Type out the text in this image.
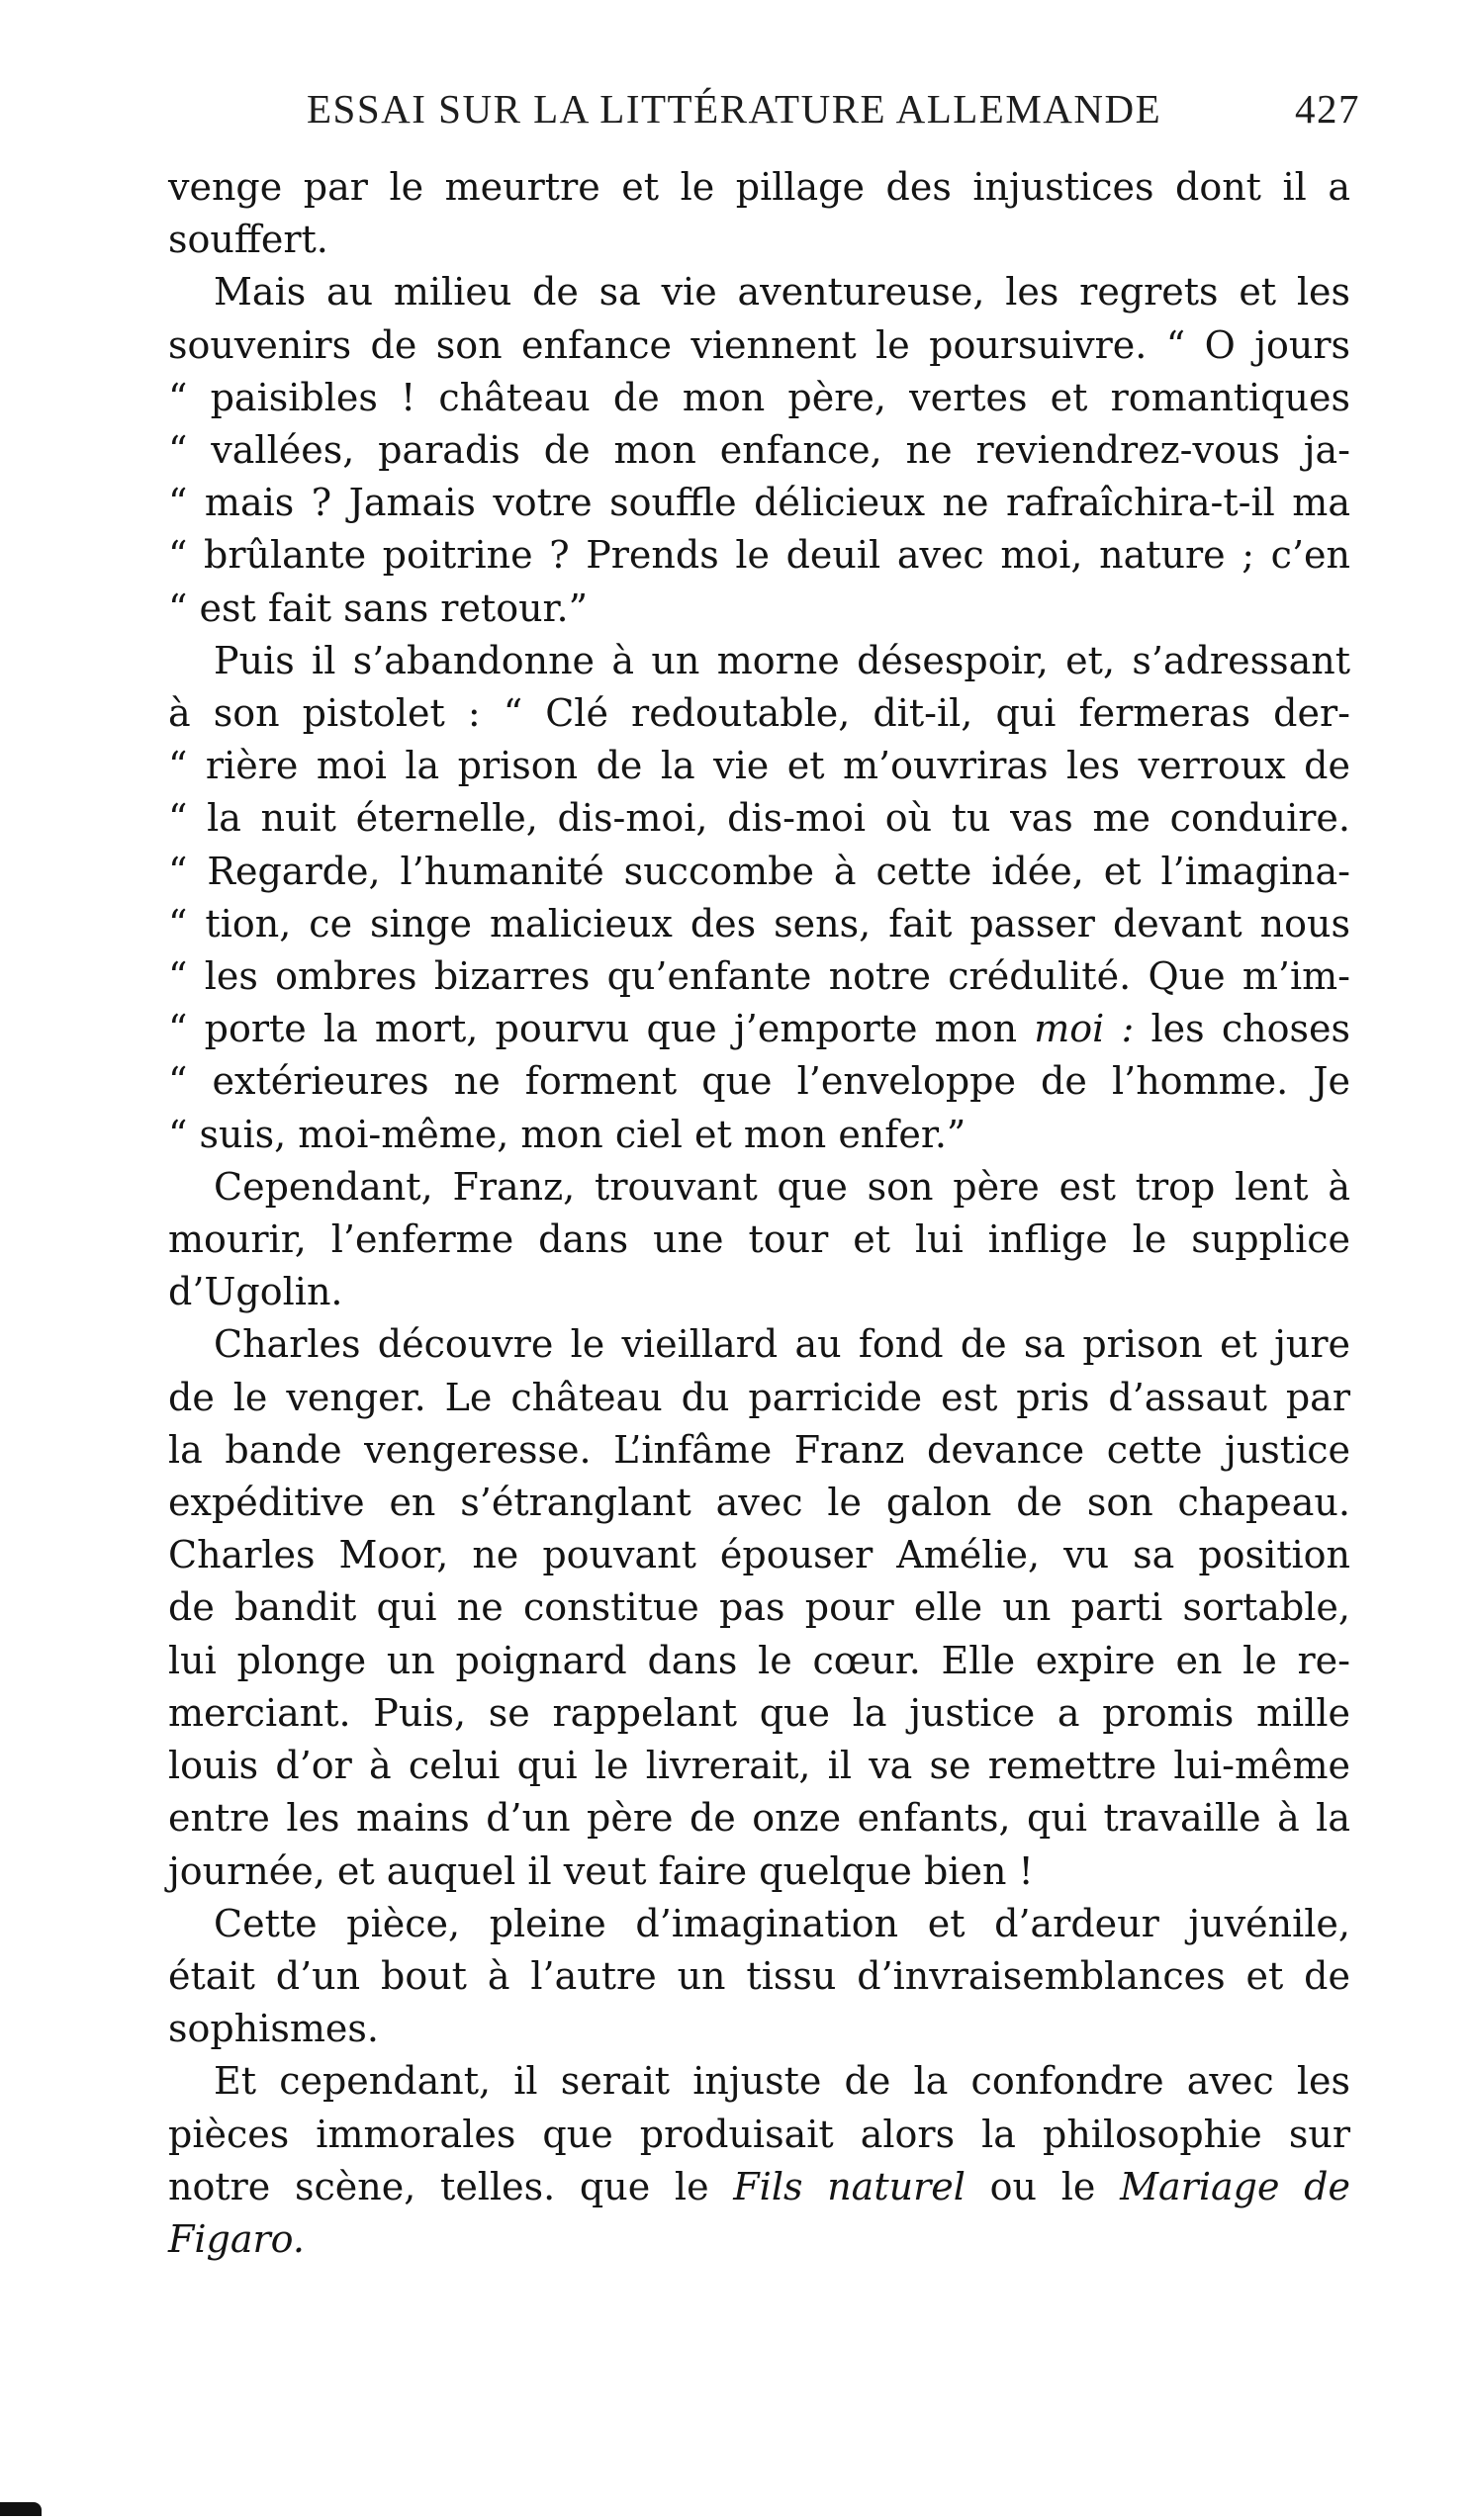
ESSAI SUR LA LITTÉRATURE ALLEMANDE	427

venge par le meurtre et le pillage des injustices dont il a
souffert.

Mais au milieu de sa vie aventureuse, les regrets et les
souvenirs de son enfance viennent le poursuivre. “ O jours
“ paisibles ! château de mon père, vertes et romantiques
“ vallées, paradis de mon enfance, ne reviendrez-vous ja-
“ mais ? Jamais votre souffle délicieux ne rafraîchira-t-il ma
“ brûlante poitrine ? Prends le deuil avec moi, nature ; c’en
“ est fait sans retour.”

Puis il s’abandonne à un morne désespoir, et, s’adressant
à son pistolet : “ Clé redoutable, dit-il, qui fermeras der-
“ rière moi la prison de la vie et m’ouvriras les verroux de
“ la nuit éternelle, dis-moi, dis-moi où tu vas me conduire.
“ Regarde, l’humanité succombe à cette idée, et l’imagina-
“ tion, ce singe malicieux des sens, fait passer devant nous
“ les ombres bizarres qu’enfante notre crédulité. Que m’im-
“ porte la mort, pourvu que j’emporte mon moi : les choses
“ extérieures ne forment que l’enveloppe de l’homme. Je
“ suis, moi-même, mon ciel et mon enfer.”

Cependant, Franz, trouvant que son père est trop lent à
mourir, l’enferme dans une tour et lui inflige le supplice
d’Ugolin.

Charles découvre le vieillard au fond de sa prison et jure
de le venger. Le château du parricide est pris d’assaut par
la bande vengeresse. L’infâme Franz devance cette justice
expéditive en s’étranglant avec le galon de son chapeau.
Charles Moor, ne pouvant épouser Amélie, vu sa position
de bandit qui ne constitue pas pour elle un parti sortable,
lui plonge un poignard dans le cœur. Elle expire en le re-
merciant. Puis, se rappelant que la justice a promis mille
louis d’or à celui qui le livrerait, il va se remettre lui-même
entre les mains d’un père de onze enfants, qui travaille à la
journée, et auquel il veut faire quelque bien !

Cette pièce, pleine d’imagination et d’ardeur juvénile,
était d’un bout à l’autre un tissu d’invraisemblances et de
sophismes.

Et cependant, il serait injuste de la confondre avec les
pièces immorales que produisait alors la philosophie sur
notre scène, telles. que le Fils naturel ou le Mariage de
Figaro.
